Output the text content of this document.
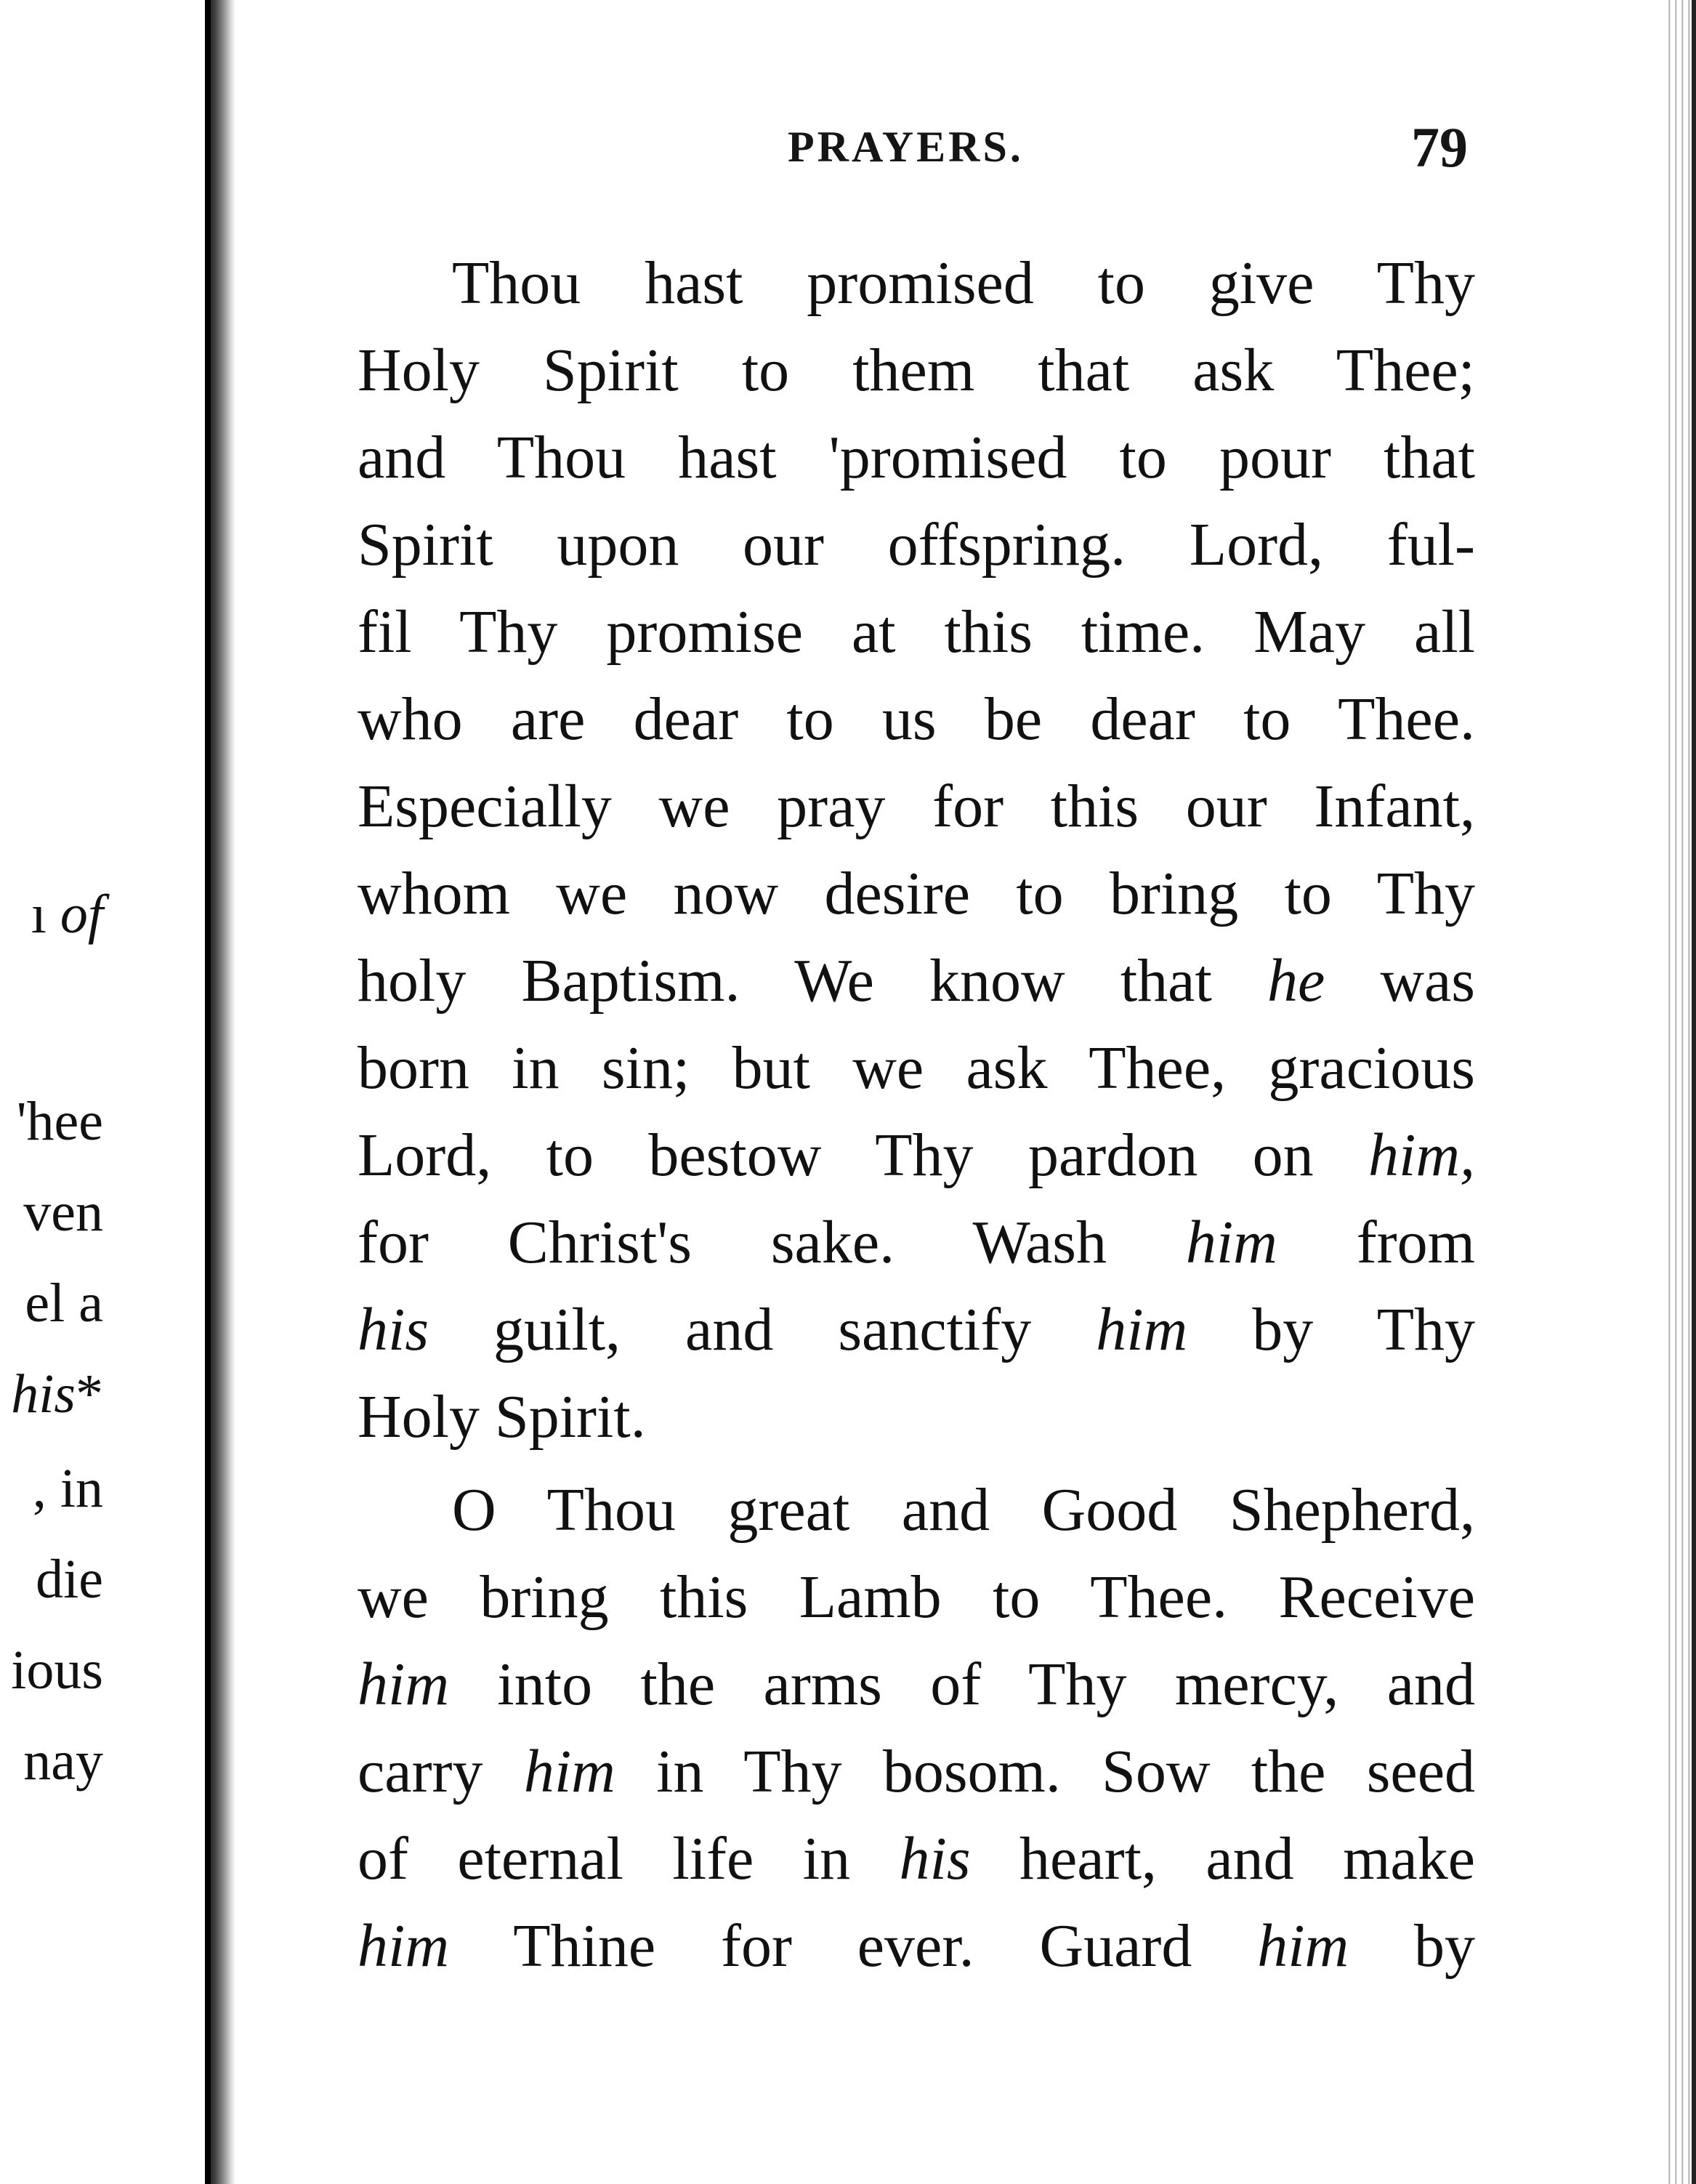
ı of
'hee
ven
el a
his*
, in
die
ious
nay
PRAYERS.	79
Thou hast promised to give Thy
Holy Spirit to them that ask Thee;
and Thou hast 'promised to pour that
Spirit upon our offspring. Lord, ful-
fil Thy promise at this time. May all
who are dear to us be dear to Thee.
Especially we pray for this our Infant,
whom we now desire to bring to Thy
holy Baptism. We know that he was
born in sin; but we ask Thee, gracious
Lord, to bestow Thy pardon on him,
for Christ's sake. Wash him from
his guilt, and sanctify him by Thy
Holy Spirit.
O Thou great and Good Shepherd,
we bring this Lamb to Thee. Receive
him into the arms of Thy mercy, and
carry him in Thy bosom. Sow the seed
of eternal life in his heart, and make
him Thine for ever. Guard him by
